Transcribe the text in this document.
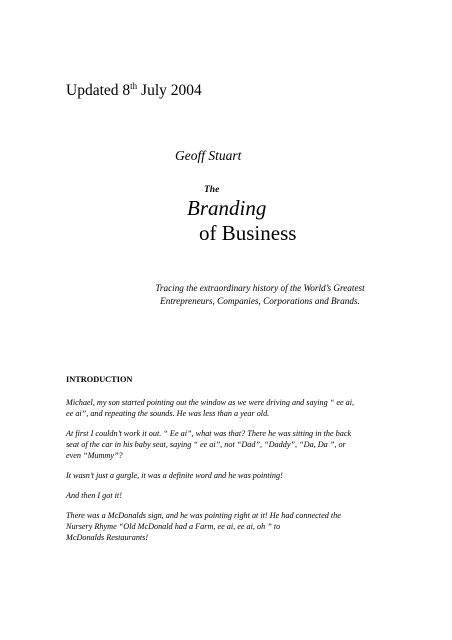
Updated 8th July 2004
Geoff Stuart
The
Branding
of Business
Tracing the extraordinary history of the World’s Greatest
Entrepreneurs, Companies, Corporations and Brands.
INTRODUCTION
Michael, my son started pointing out the window as we were driving and saying “ ee ai,
ee ai”, and repeating the sounds. He was less than a year old.
At first I couldn’t work it out. “ Ee ai”, what was that? There he was sitting in the back
seat of the car in his baby seat, saying “ ee ai”, not “Dad”, “Daddy”, “Da, Da ”, or
even “Mummy”?
It wasn’t just a gurgle, it was a definite word and he was pointing!
And then I got it!
There was a McDonalds sign, and he was pointing right at it! He had connected the
Nursery Rhyme “Old McDonald had a Farm, ee ai, ee ai, oh ” to
McDonalds Restaurants!
